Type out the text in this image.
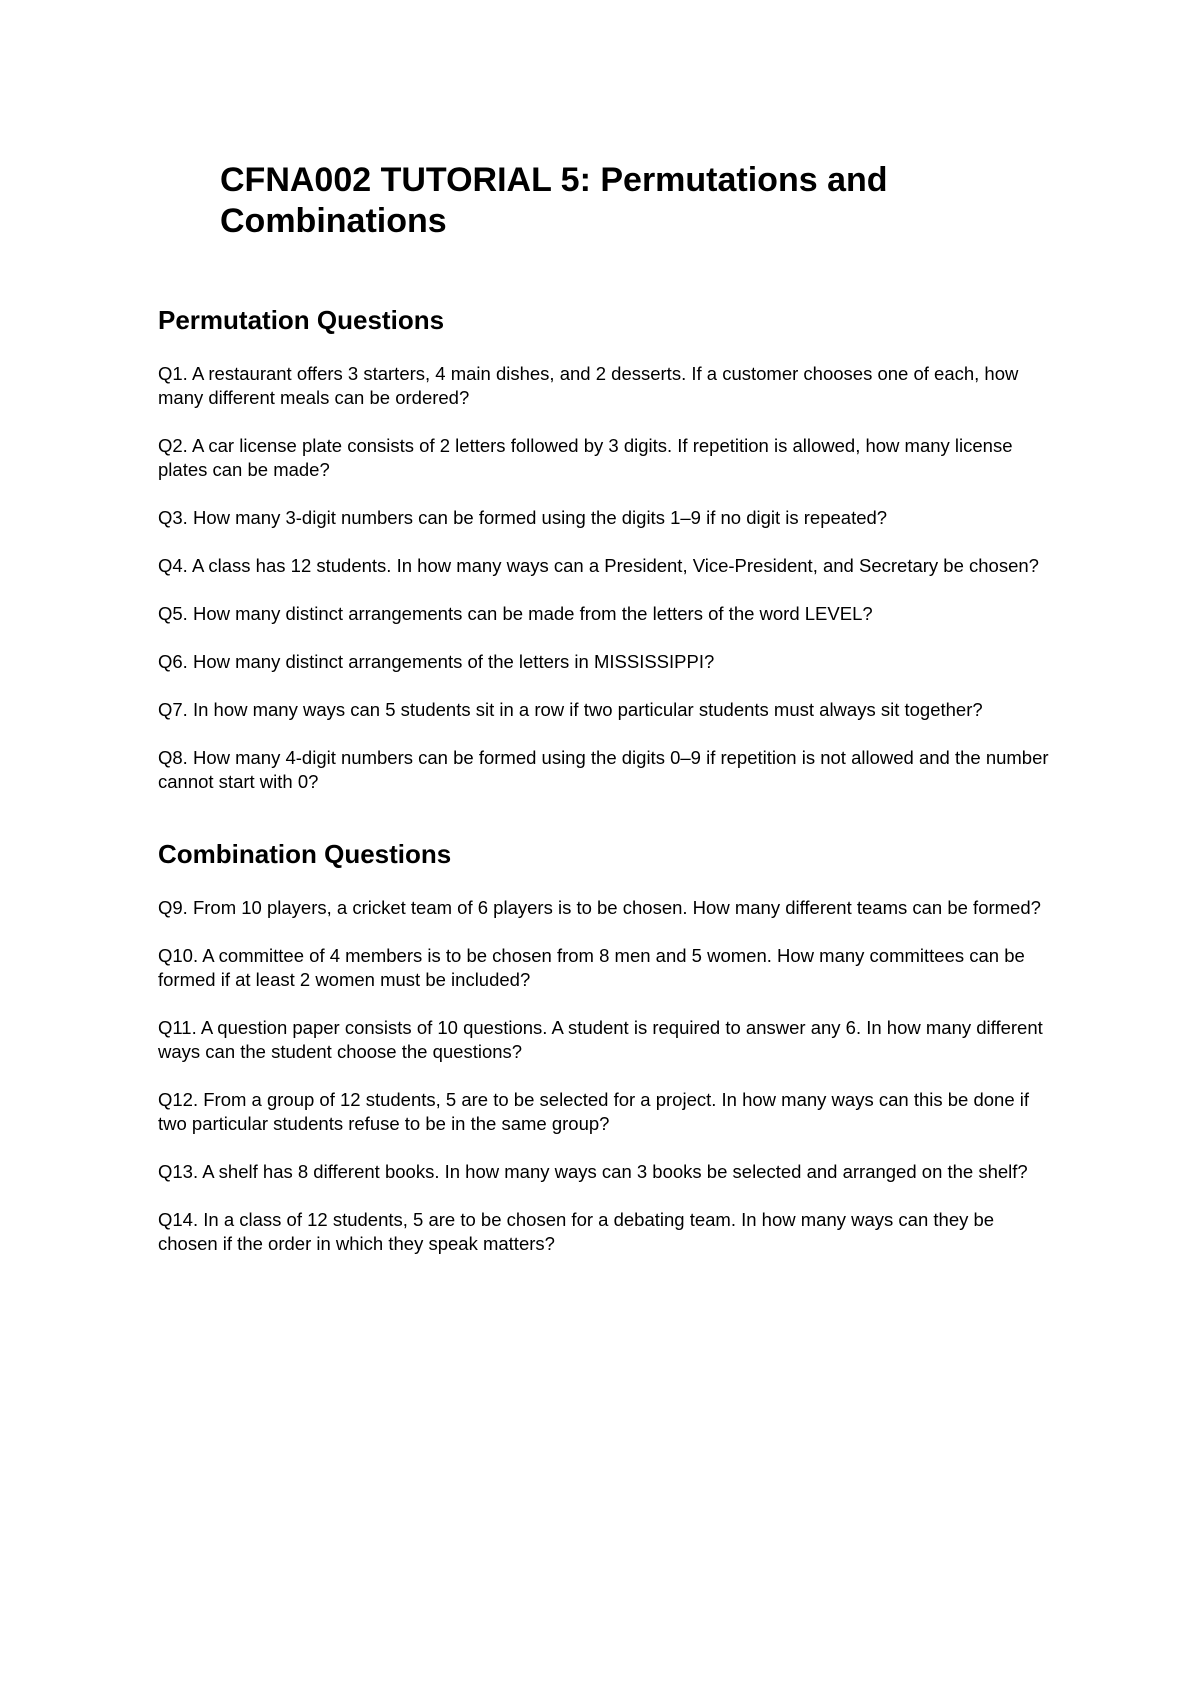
CFNA002 TUTORIAL 5: Permutations and Combinations
Permutation Questions
Q1. A restaurant offers 3 starters, 4 main dishes, and 2 desserts. If a customer chooses one of each, how many different meals can be ordered?
Q2. A car license plate consists of 2 letters followed by 3 digits. If repetition is allowed, how many license plates can be made?
Q3. How many 3-digit numbers can be formed using the digits 1–9 if no digit is repeated?
Q4. A class has 12 students. In how many ways can a President, Vice-President, and Secretary be chosen?
Q5. How many distinct arrangements can be made from the letters of the word LEVEL?
Q6. How many distinct arrangements of the letters in MISSISSIPPI?
Q7. In how many ways can 5 students sit in a row if two particular students must always sit together?
Q8. How many 4-digit numbers can be formed using the digits 0–9 if repetition is not allowed and the number cannot start with 0?
Combination Questions
Q9. From 10 players, a cricket team of 6 players is to be chosen. How many different teams can be formed?
Q10. A committee of 4 members is to be chosen from 8 men and 5 women. How many committees can be formed if at least 2 women must be included?
Q11. A question paper consists of 10 questions. A student is required to answer any 6. In how many different ways can the student choose the questions?
Q12. From a group of 12 students, 5 are to be selected for a project. In how many ways can this be done if two particular students refuse to be in the same group?
Q13. A shelf has 8 different books. In how many ways can 3 books be selected and arranged on the shelf?
Q14. In a class of 12 students, 5 are to be chosen for a debating team. In how many ways can they be chosen if the order in which they speak matters?
